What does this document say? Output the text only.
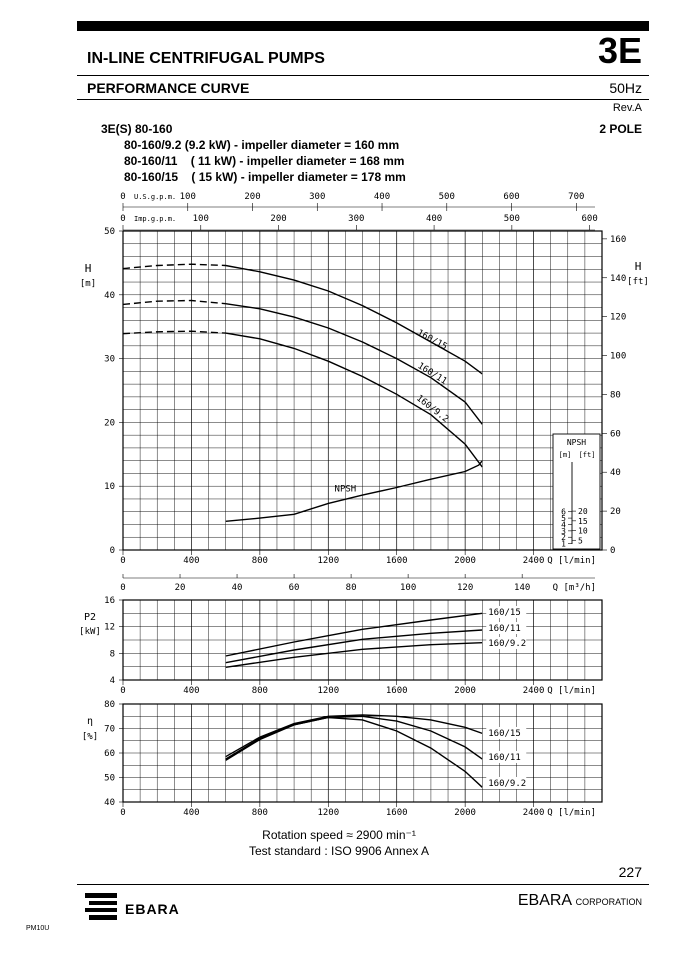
IN-LINE CENTRIFUGAL PUMPS	3E
PERFORMANCE CURVE	50Hz
Rev.A
3E(S) 80-160	2 POLE
80-160/9.2 (9.2 kW) - impeller diameter = 160 mm
80-160/11    ( 11 kW) - impeller diameter = 168 mm
80-160/15    ( 15 kW) - impeller diameter = 178 mm
0
10
20
30
40
50
H
[m]
0
20
40
60
80
100
120
140
160
H
[ft]
0	100	200	300	400	500	600	700
U.S.g.p.m.
0	100	200	300	400	500	600
Imp.g.p.m.
0	400	800	1200	1600	2000	2400 Q [l/min]
0	20	40	60	80	100	120	140 Q [m³/h]
160/15
160/11
160/9.2
NPSH
NPSH
[m] [ft]
1
2
3
4
5
6
5
10
15
20
4
8
12
16
P2
[kW]
0	400	800	1200	1600	2000	2400 Q [l/min]
160/15
160/11
160/9.2
40
50
60
70
80
η
[%]
0	400	800	1200	1600	2000	2400 Q [l/min]
160/15
160/11
160/9.2
Rotation speed ≈ 2900 min⁻¹
Test standard : ISO 9906 Annex A
227
EBARA CORPORATION
EBARA
PM10U
